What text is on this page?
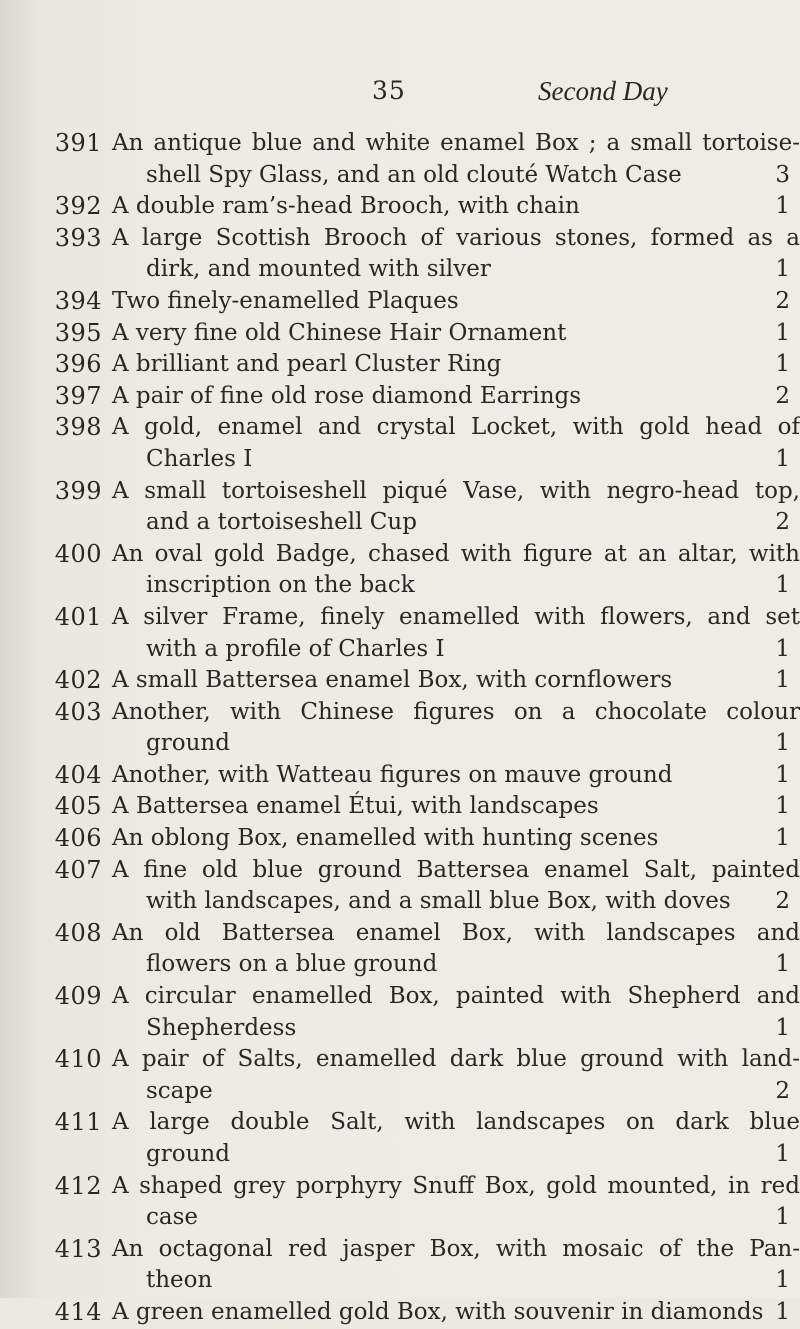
35	Second Day
391 An antique blue and white enamel Box ; a small tortoise-
shell Spy Glass, and an old clouté Watch Case	3
392 A double ram’s-head Brooch, with chain	1
393 A large Scottish Brooch of various stones, formed as a
dirk, and mounted with silver	1
394 Two finely-enamelled Plaques	2
395 A very fine old Chinese Hair Ornament	1
396 A brilliant and pearl Cluster Ring	1
397 A pair of fine old rose diamond Earrings	2
398 A gold, enamel and crystal Locket, with gold head of
Charles I	1
399 A small tortoiseshell piqué Vase, with negro-head top,
and a tortoiseshell Cup	2
400 An oval gold Badge, chased with figure at an altar, with
inscription on the back	1
401 A silver Frame, finely enamelled with flowers, and set
with a profile of Charles I	1
402 A small Battersea enamel Box, with cornflowers	1
403 Another, with Chinese figures on a chocolate colour
ground	1
404 Another, with Watteau figures on mauve ground	1
405 A Battersea enamel Étui, with landscapes	1
406 An oblong Box, enamelled with hunting scenes	1
407 A fine old blue ground Battersea enamel Salt, painted
with landscapes, and a small blue Box, with doves 2
408 An old Battersea enamel Box, with landscapes and
flowers on a blue ground	1
409 A circular enamelled Box, painted with Shepherd and
Shepherdess	1
410 A pair of Salts, enamelled dark blue ground with land-
scape	2
411 A large double Salt, with landscapes on dark blue
ground	1
412 A shaped grey porphyry Snuff Box, gold mounted, in red
case	1
413 An octagonal red jasper Box, with mosaic of the Pan-
theon	1
414 A green enamelled gold Box, with souvenir in diamonds 1
